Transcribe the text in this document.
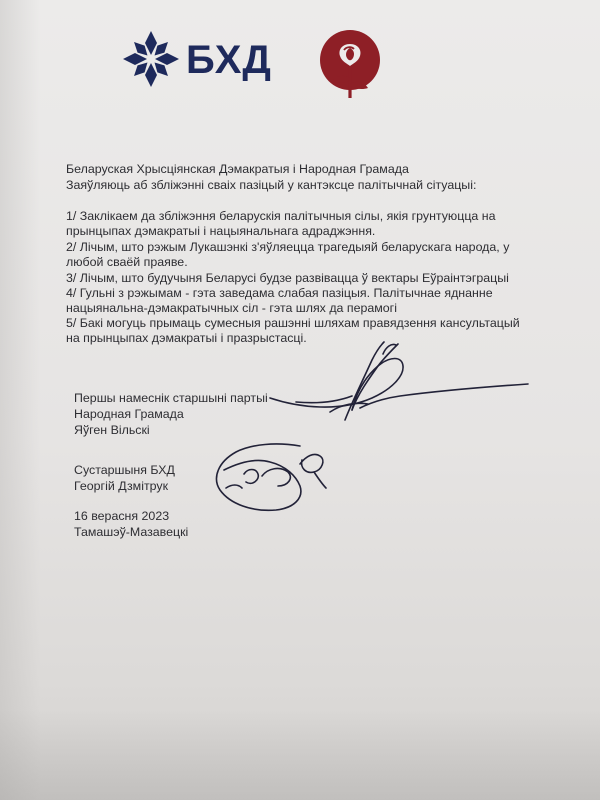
БХД
Беларуская Хрысціянская Дэмакратыя і Народная Грамада
Заяўляюць аб збліжэнні сваіх пазіцый у кантэксце палітычнай сітуацыі:
1/ Заклікаем да збліжэння беларускія палітычныя сілы, якія грунтуюцца на
прынцыпах дэмакратыі і нацыянальнага адраджэння.
2/ Лічым, што рэжым Лукашэнкі з'яўляецца трагедыяй беларускага народа, у
любой сваёй праяве.
3/ Лічым, што будучыня Беларусі будзе развівацца ў вектары Еўраінтэграцыі
4/ Гульні з рэжымам - гэта заведама слабая пазіцыя. Палітычнае яднанне
нацыянальна-дэмакратычных сіл - гэта шлях да перамогі
5/ Бакі могуць прымаць сумесныя рашэнні шляхам правядзення кансультацый
на прынцыпах дэмакратыі і празрыстасці.
Першы намеснік старшыні партыі
Народная Грамада
Яўген Вільскі
Сустаршыня БХД
Георгій Дзмітрук
16 верасня 2023
Тамашэў-Мазавецкі
